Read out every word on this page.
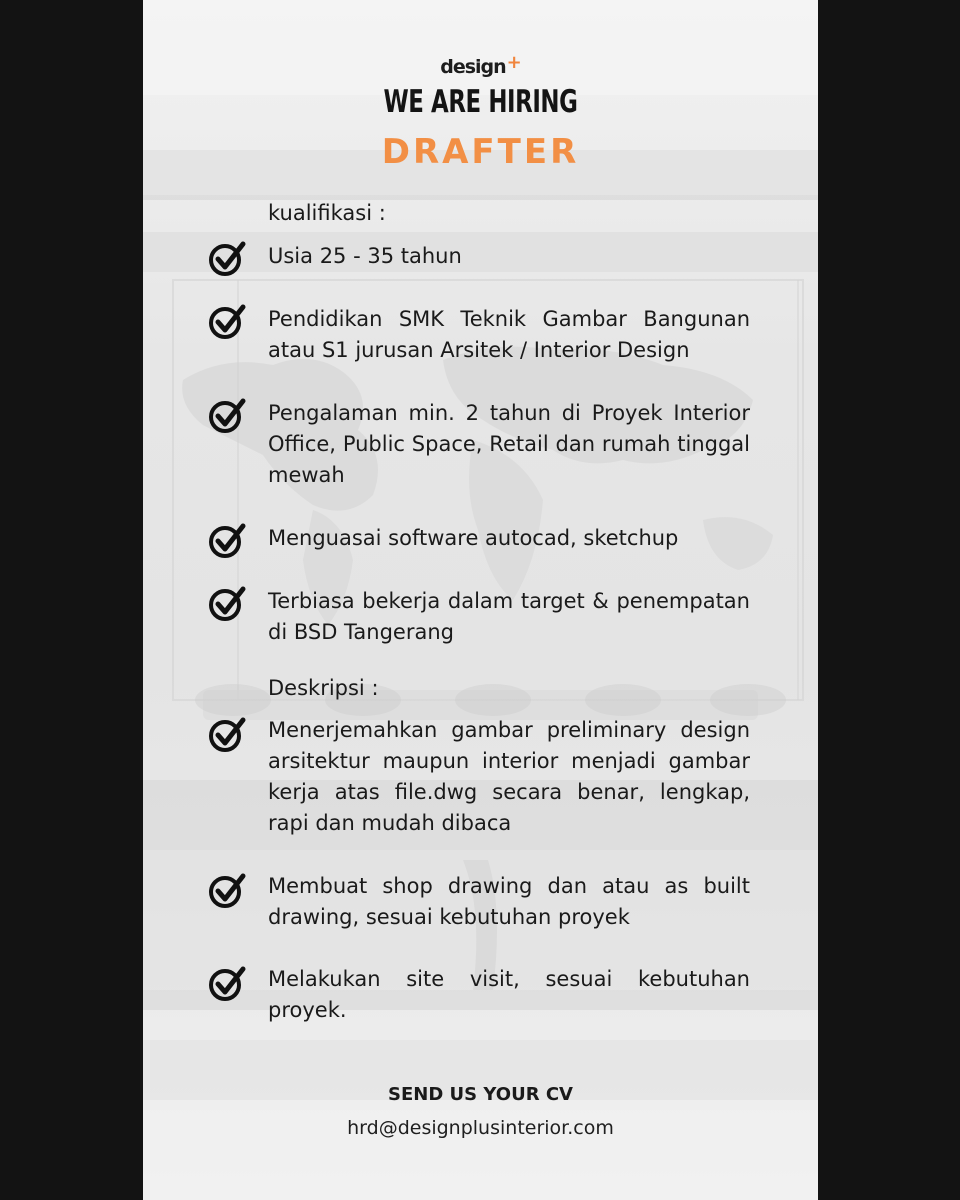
design+
WE ARE HIRING
DRAFTER
kualifikasi :
Usia 25 - 35 tahun
Pendidikan SMK Teknik Gambar Bangunan atau S1 jurusan Arsitek / Interior Design
Pengalaman min. 2 tahun di Proyek Interior Office, Public Space, Retail dan rumah tinggal mewah
Menguasai software autocad, sketchup
Terbiasa bekerja dalam target & penempatan di BSD Tangerang
Deskripsi :
Menerjemahkan gambar preliminary design arsitektur maupun interior menjadi gambar kerja atas file.dwg secara benar, lengkap, rapi dan mudah dibaca
Membuat shop drawing dan atau as built drawing, sesuai kebutuhan proyek
Melakukan site visit, sesuai kebutuhan proyek.
SEND US YOUR CV
hrd@designplusinterior.com
